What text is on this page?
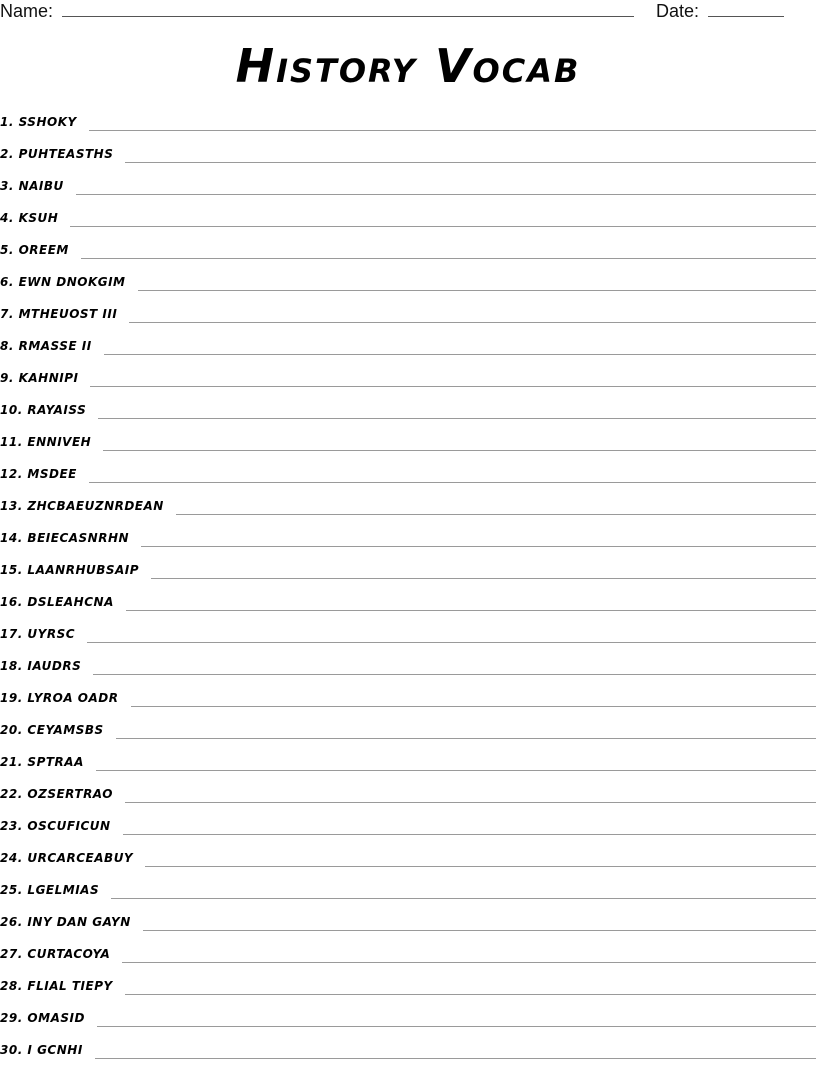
Name:	Date:
History Vocab
1. SSHOKY
2. PUHTEASTHS
3. NAIBU
4. KSUH
5. OREEM
6. EWN DNOKGIM
7. MTHEUOST III
8. RMASSE II
9. KAHNIPI
10. RAYAISS
11. ENNIVEH
12. MSDEE
13. ZHCBAEUZNRDEAN
14. BEIECASNRHN
15. LAANRHUBSAIP
16. DSLEAHCNA
17. UYRSC
18. IAUDRS
19. LYROA OADR
20. CEYAMSBS
21. SPTRAA
22. OZSERTRAO
23. OSCUFICUN
24. URCARCEABUY
25. LGELMIAS
26. INY DAN GAYN
27. CURTACOYA
28. FLIAL TIEPY
29. OMASID
30. I GCNHI
